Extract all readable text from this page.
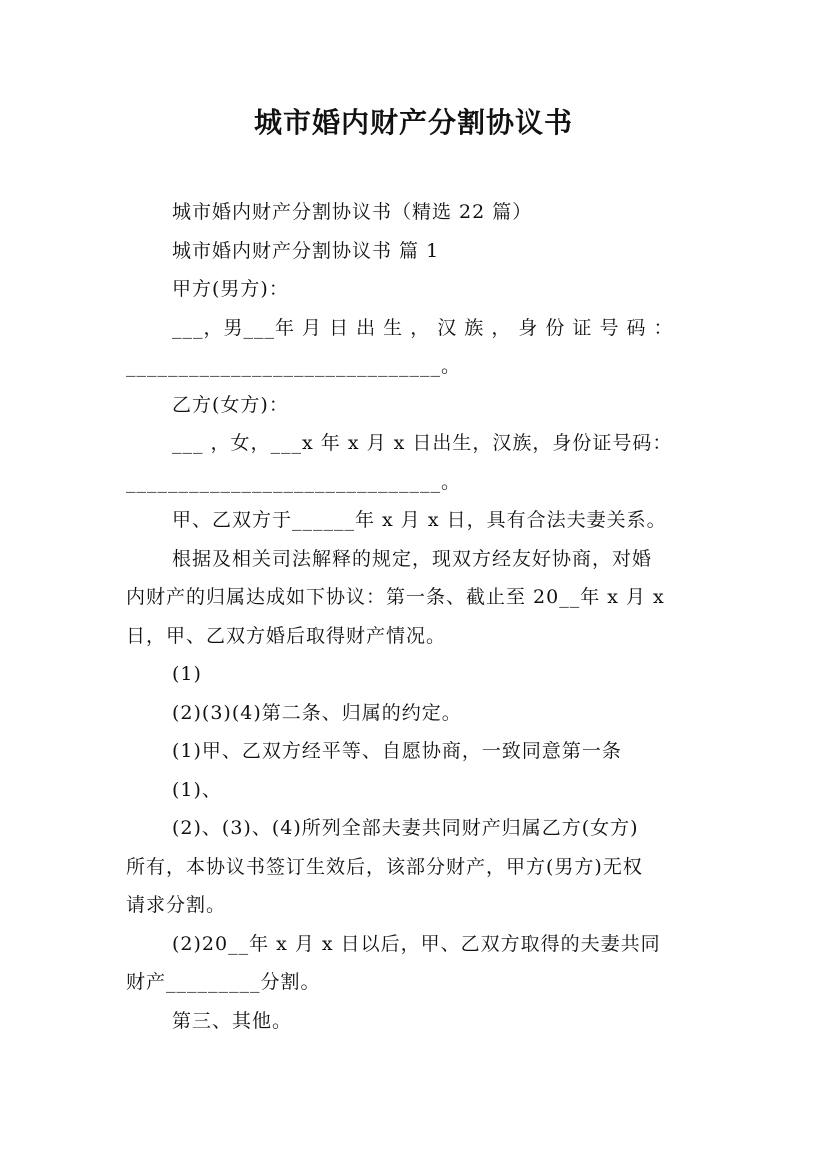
城市婚内财产分割协议书

城市婚内财产分割协议书（精选 22 篇）

城市婚内财产分割协议书 篇 1

甲方(男方)：

___，男___年 月 日 出 生 ， 汉 族 ， 身 份 证 号 码 ：

______________________________。

乙方(女方)：

___ ，女，___x 年 x 月 x 日出生，汉族，身份证号码：

______________________________。

甲、乙双方于______年 x 月 x 日，具有合法夫妻关系。

根据及相关司法解释的规定，现双方经友好协商，对婚

内财产的归属达成如下协议：第一条、截止至 20__年 x 月 x

日，甲、乙双方婚后取得财产情况。

(1)

(2)(3)(4)第二条、归属的约定。

(1)甲、乙双方经平等、自愿协商，一致同意第一条

(1)、

(2)、(3)、(4)所列全部夫妻共同财产归属乙方(女方)

所有，本协议书签订生效后，该部分财产，甲方(男方)无权

请求分割。

(2)20__年 x 月 x 日以后，甲、乙双方取得的夫妻共同

财产_________分割。

第三、其他。
